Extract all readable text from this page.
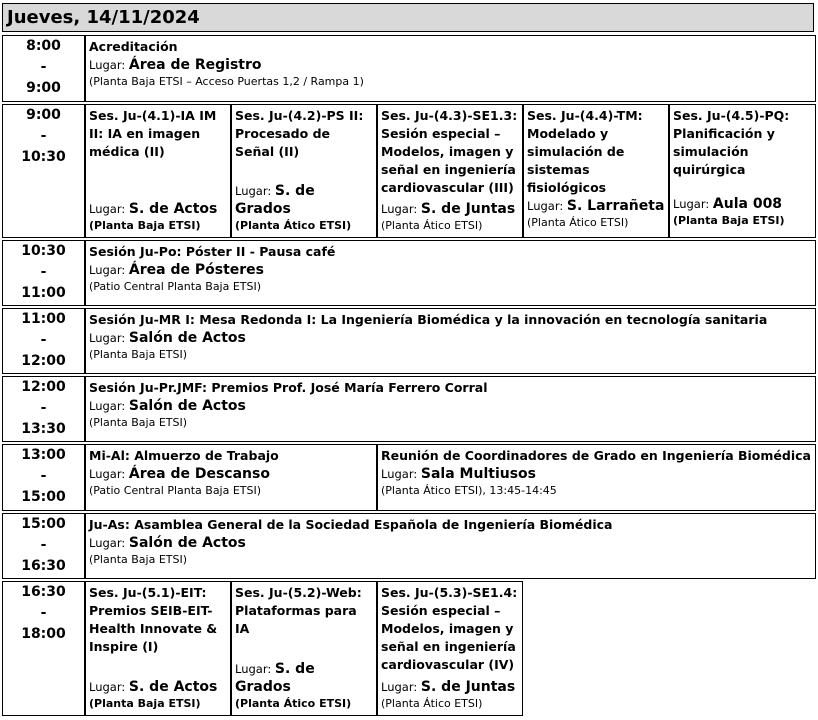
Jueves, 14/11/2024
8:00
-
9:00
Acreditación
Lugar: Área de Registro
(Planta Baja ETSI – Acceso Puertas 1,2 / Rampa 1)
9:00
-
10:30
Ses. Ju-(4.1)-IA IM II: IA en imagen médica (II)
Lugar: S. de Actos
(Planta Baja ETSI)
Ses. Ju-(4.2)-PS II: Procesado de Señal (II)
Lugar: S. de Grados
(Planta Ático ETSI)
Ses. Ju-(4.3)-SE1.3: Sesión especial – Modelos, imagen y señal en ingeniería cardiovascular (III)
Lugar: S. de Juntas
(Planta Ático ETSI)
Ses. Ju-(4.4)-TM: Modelado y simulación de sistemas fisiológicos
Lugar: S. Larrañeta
(Planta Ático ETSI)
Ses. Ju-(4.5)-PQ: Planificación y simulación quirúrgica
Lugar: Aula 008
(Planta Baja ETSI)
10:30
-
11:00
Sesión Ju-Po: Póster II - Pausa café
Lugar: Área de Pósteres
(Patio Central Planta Baja ETSI)
11:00
-
12:00
Sesión Ju-MR I: Mesa Redonda I: La Ingeniería Biomédica y la innovación en tecnología sanitaria
Lugar: Salón de Actos
(Planta Baja ETSI)
12:00
-
13:30
Sesión Ju-Pr.JMF: Premios Prof. José María Ferrero Corral
Lugar: Salón de Actos
(Planta Baja ETSI)
13:00
-
15:00
Mi-Al: Almuerzo de Trabajo
Lugar: Área de Descanso
(Patio Central Planta Baja ETSI)
Reunión de Coordinadores de Grado en Ingeniería Biomédica
Lugar: Sala Multiusos
(Planta Ático ETSI), 13:45-14:45
15:00
-
16:30
Ju-As: Asamblea General de la Sociedad Española de Ingeniería Biomédica
Lugar: Salón de Actos
(Planta Baja ETSI)
16:30
-
18:00
Ses. Ju-(5.1)-EIT: Premios SEIB-EIT-Health Innovate & Inspire (I)
Lugar: S. de Actos
(Planta Baja ETSI)
Ses. Ju-(5.2)-Web: Plataformas para IA
Lugar: S. de Grados
(Planta Ático ETSI)
Ses. Ju-(5.3)-SE1.4: Sesión especial – Modelos, imagen y señal en ingeniería cardiovascular (IV)
Lugar: S. de Juntas
(Planta Ático ETSI)
